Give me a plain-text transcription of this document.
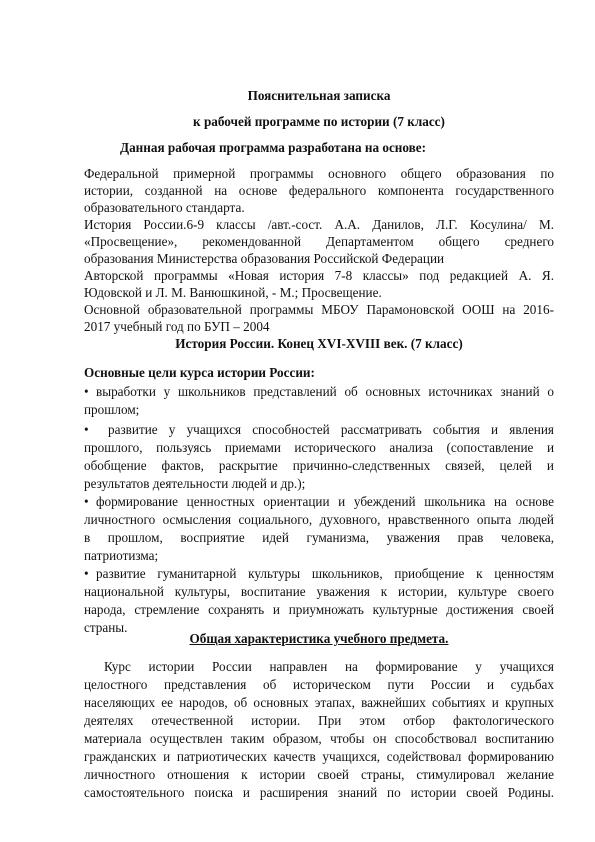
Пояснительная записка
к рабочей программе по истории (7 класс)
Данная рабочая программа разработана на основе:
Федеральной примерной программы основного общего образования по
истории, созданной на основе федерального компонента государственного
образовательного стандарта.
История России.6-9 классы /авт.-сост. А.А. Данилов, Л.Г. Косулина/ М.
«Просвещение», рекомендованной Департаментом общего среднего
образования Министерства образования Российской Федерации
Авторской программы «Новая история 7-8 классы» под редакцией А. Я.
Юдовской и Л. М. Ванюшкиной, - М.; Просвещение.
Основной образовательной программы МБОУ Парамоновской ООШ на 2016-
2017 учебный год по БУП – 2004
История России. Конец XVI-XVIII век. (7 класс)
Основные цели курса истории России:
• выработки у школьников представлений об основных источниках знаний о
прошлом;
• развитие у учащихся способностей рассматривать события и явления
прошлого, пользуясь приемами исторического анализа (сопоставление и
обобщение фактов, раскрытие причинно-следственных связей, целей и
результатов деятельности людей и др.);
• формирование ценностных ориентации и убеждений школьника на основе
личностного осмысления социального, духовного, нравственного опыта людей
в прошлом, восприятие идей гуманизма, уважения прав человека,
патриотизма;
• развитие гуманитарной культуры школьников, приобщение к ценностям
национальной культуры, воспитание уважения к истории, культуре своего
народа, стремление сохранять и приумножать культурные достижения своей
страны.
Общая характеристика учебного предмета.
Курс истории России направлен на формирование у учащихся
целостного представления об историческом пути России и судьбах
населяющих ее народов, об основных этапах, важнейших событиях и крупных
деятелях отечественной истории. При этом отбор фактологического
материала осуществлен таким образом, чтобы он способствовал воспитанию
гражданских и патриотических качеств учащихся, содействовал формированию
личностного отношения к истории своей страны, стимулировал желание
самостоятельного поиска и расширения знаний по истории своей Родины.
